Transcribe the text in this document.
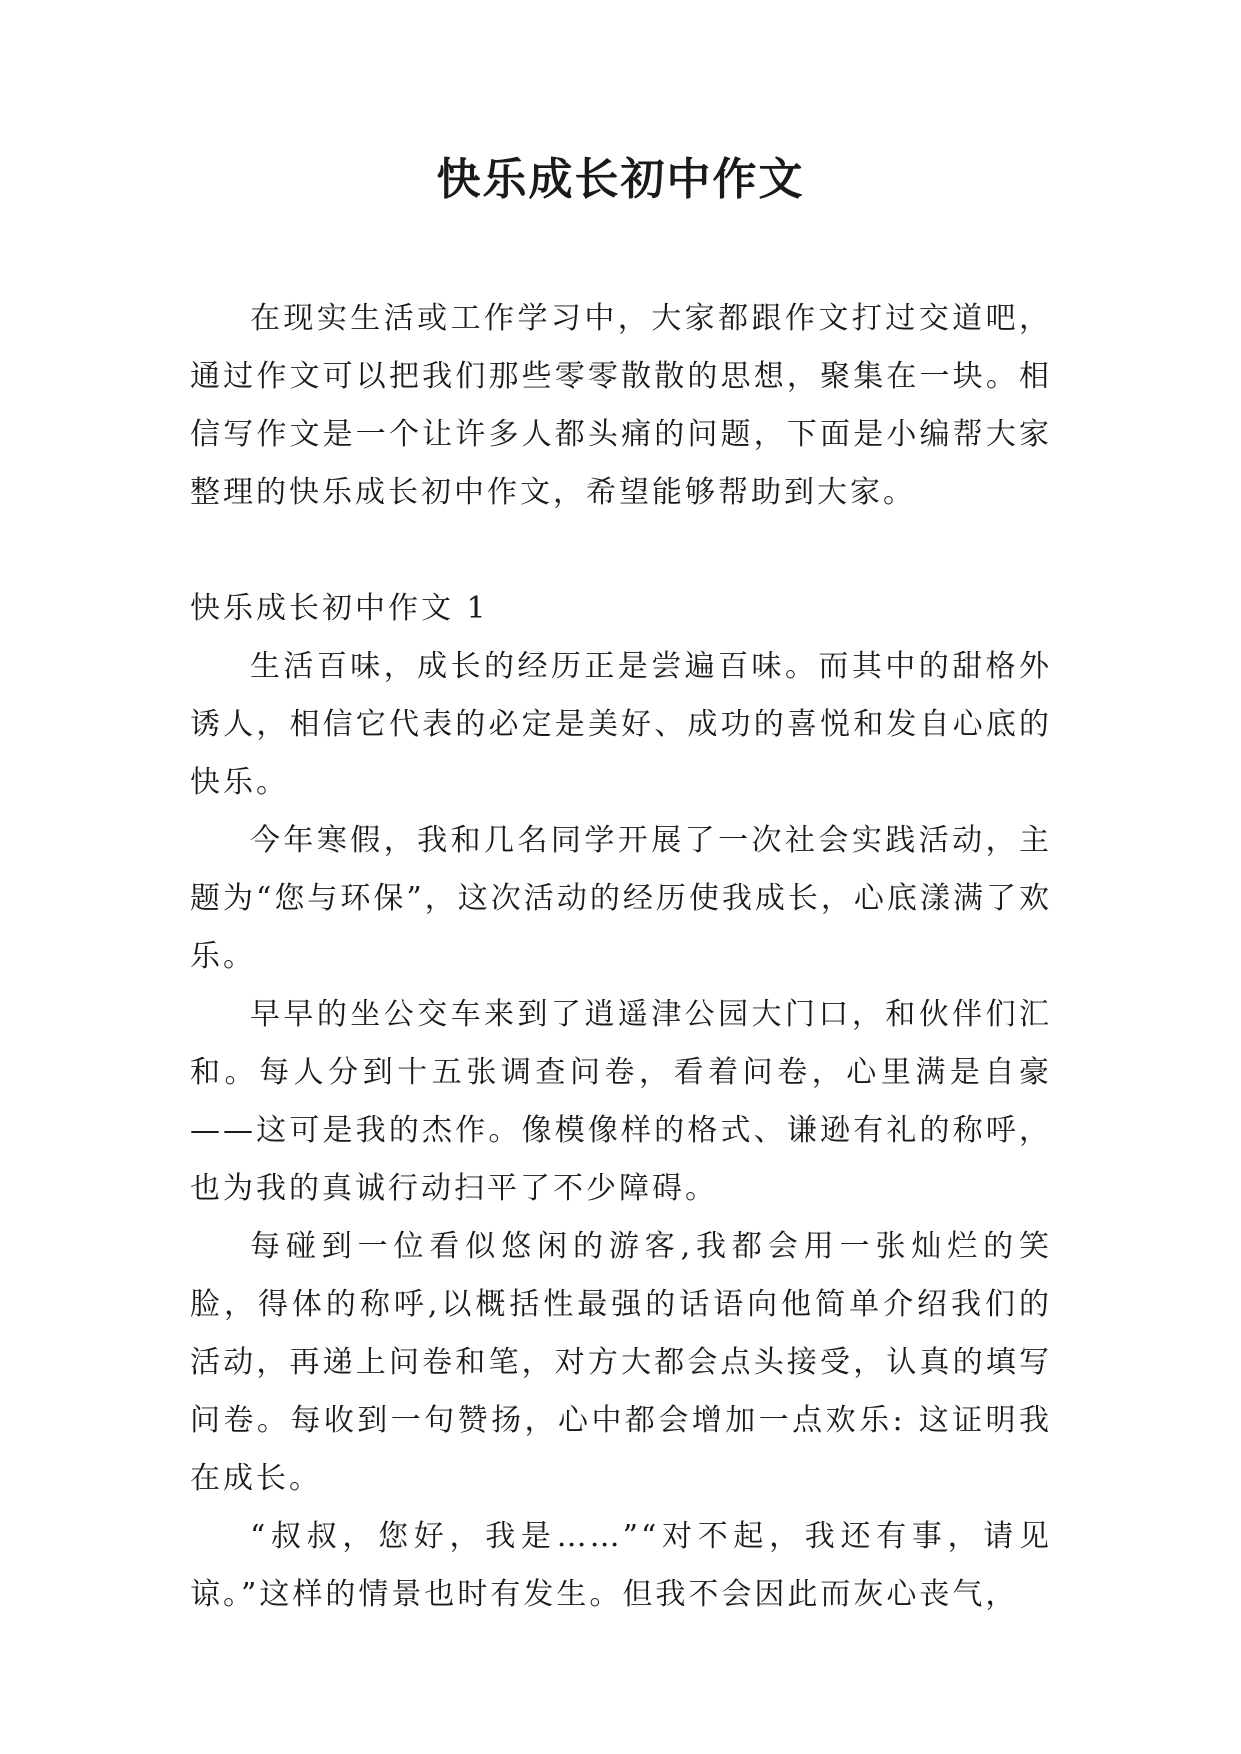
快乐成长初中作文

在现实生活或工作学习中，大家都跟作文打过交道吧，通过作文可以把我们那些零零散散的思想，聚集在一块。相信写作文是一个让许多人都头痛的问题，下面是小编帮大家整理的快乐成长初中作文，希望能够帮助到大家。

快乐成长初中作文 1

生活百味，成长的经历正是尝遍百味。而其中的甜格外诱人，相信它代表的必定是美好、成功的喜悦和发自心底的快乐。

今年寒假，我和几名同学开展了一次社会实践活动，主题为“您与环保”，这次活动的经历使我成长，心底漾满了欢乐。

早早的坐公交车来到了逍遥津公园大门口，和伙伴们汇和。每人分到十五张调查问卷，看着问卷，心里满是自豪——这可是我的杰作。像模像样的格式、谦逊有礼的称呼，也为我的真诚行动扫平了不少障碍。

每碰到一位看似悠闲的游客,我都会用一张灿烂的笑脸，得体的称呼,以概括性最强的话语向他简单介绍我们的活动，再递上问卷和笔，对方大都会点头接受，认真的填写问卷。每收到一句赞扬，心中都会增加一点欢乐: 这证明我在成长。

“叔叔，您好，我是……”“对不起，我还有事，请见谅。”这样的情景也时有发生。但我不会因此而灰心丧气，
